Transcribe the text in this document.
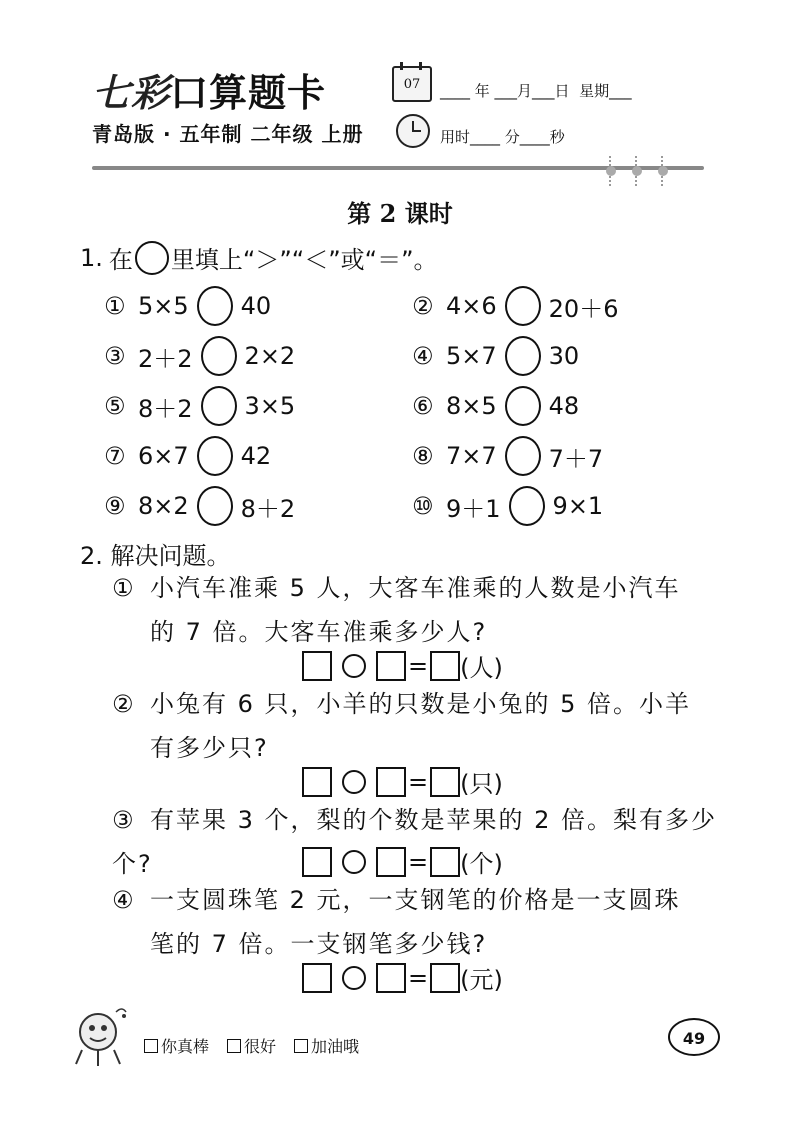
七彩口算题卡
青岛版 · 五年制 二年级 上册
07	____ 年 ___月___日  星期___
用时____ 分____秒
第 2 课时
1. 在 里填上“＞”“＜”或“＝”。
① 5×5 40	② 4×6 20＋6
③ 2＋2 2×2	④ 5×7 30
⑤ 8＋2 3×5	⑥ 8×5 48
⑦ 6×7 42	⑧ 7×7 7＋7
⑨ 8×2 8＋2	⑩ 9＋1 9×1
2. 解决问题。
① 小汽车准乘 5 人，大客车准乘的人数是小汽车
的 7 倍。大客车准乘多少人?
= (人)
② 小兔有 6 只，小羊的只数是小兔的 5 倍。小羊
有多少只?
= (只)
③ 有苹果 3 个，梨的个数是苹果的 2 倍。梨有多少个?	= (个)
④ 一支圆珠笔 2 元，一支钢笔的价格是一支圆珠
笔的 7 倍。一支钢笔多少钱?
= (元)
你真棒	很好	加油哦	49
